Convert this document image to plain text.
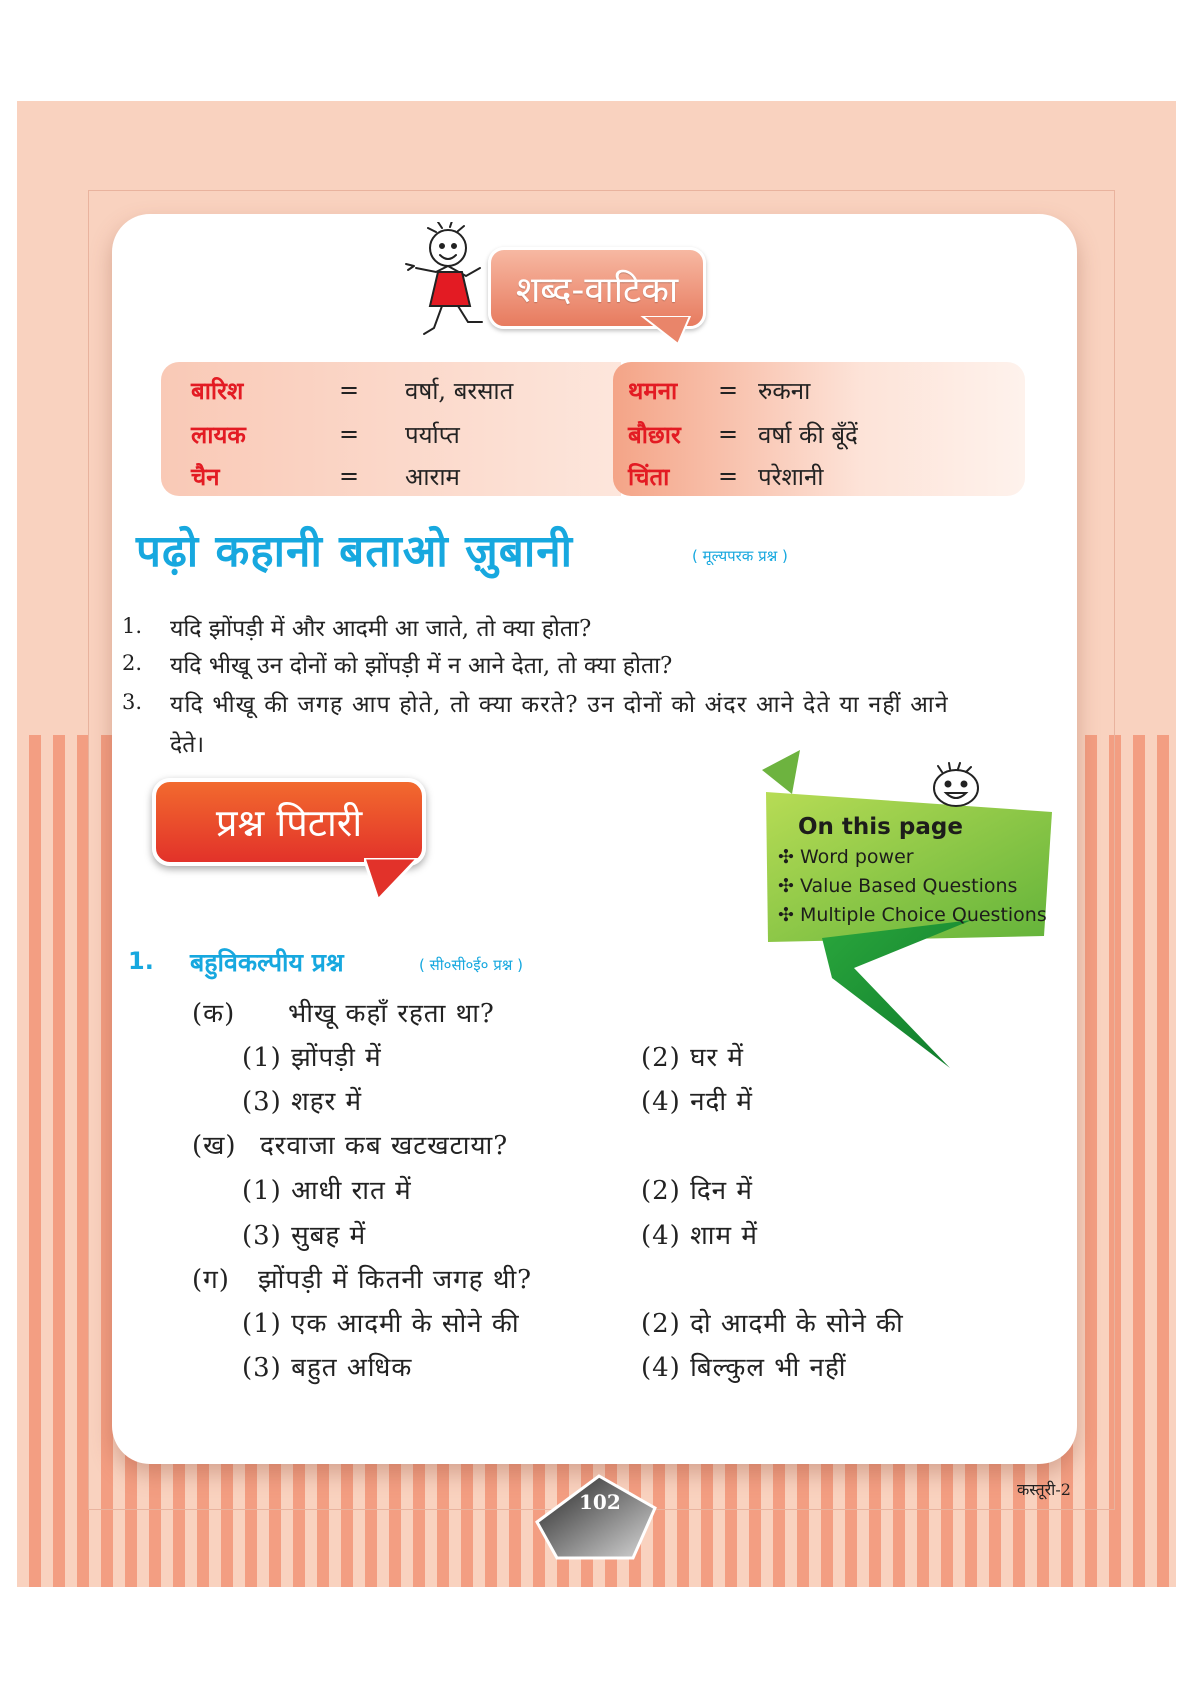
शब्द-वाटिका
बारिश	= वर्षा, बरसात
लायक	= पर्याप्त
चैन	= आराम
थमना = रुकना
बौछार = वर्षा की बूँदें
चिंता = परेशानी
पढ़ो कहानी बताओ ज़ुबानी	( मूल्यपरक प्रश्न )
1. यदि झोंपड़ी में और आदमी आ जाते, तो क्या होता?
2. यदि भीखू उन दोनों को झोंपड़ी में न आने देता, तो क्या होता?
3. यदि भीखू की जगह आप होते, तो क्या करते? उन दोनों को अंदर आने देते या नहीं आने
देते।
प्रश्न पिटारी	On this page
✣ Word power
✣ Value Based Questions
✣ Multiple Choice Questions
1. बहुविकल्पीय प्रश्न	( सी०सी०ई० प्रश्न )
(क) भीखू कहाँ रहता था?
(1) झोंपड़ी में	(2) घर में
(3) शहर में	(4) नदी में
(ख) दरवाजा कब खटखटाया?
(1) आधी रात में	(2) दिन में
(3) सुबह में	(4) शाम में
(ग) झोंपड़ी में कितनी जगह थी?
(1) एक आदमी के सोने की	(2) दो आदमी के सोने की
(3) बहुत अधिक	(4) बिल्कुल भी नहीं
102
कस्तूरी-2
